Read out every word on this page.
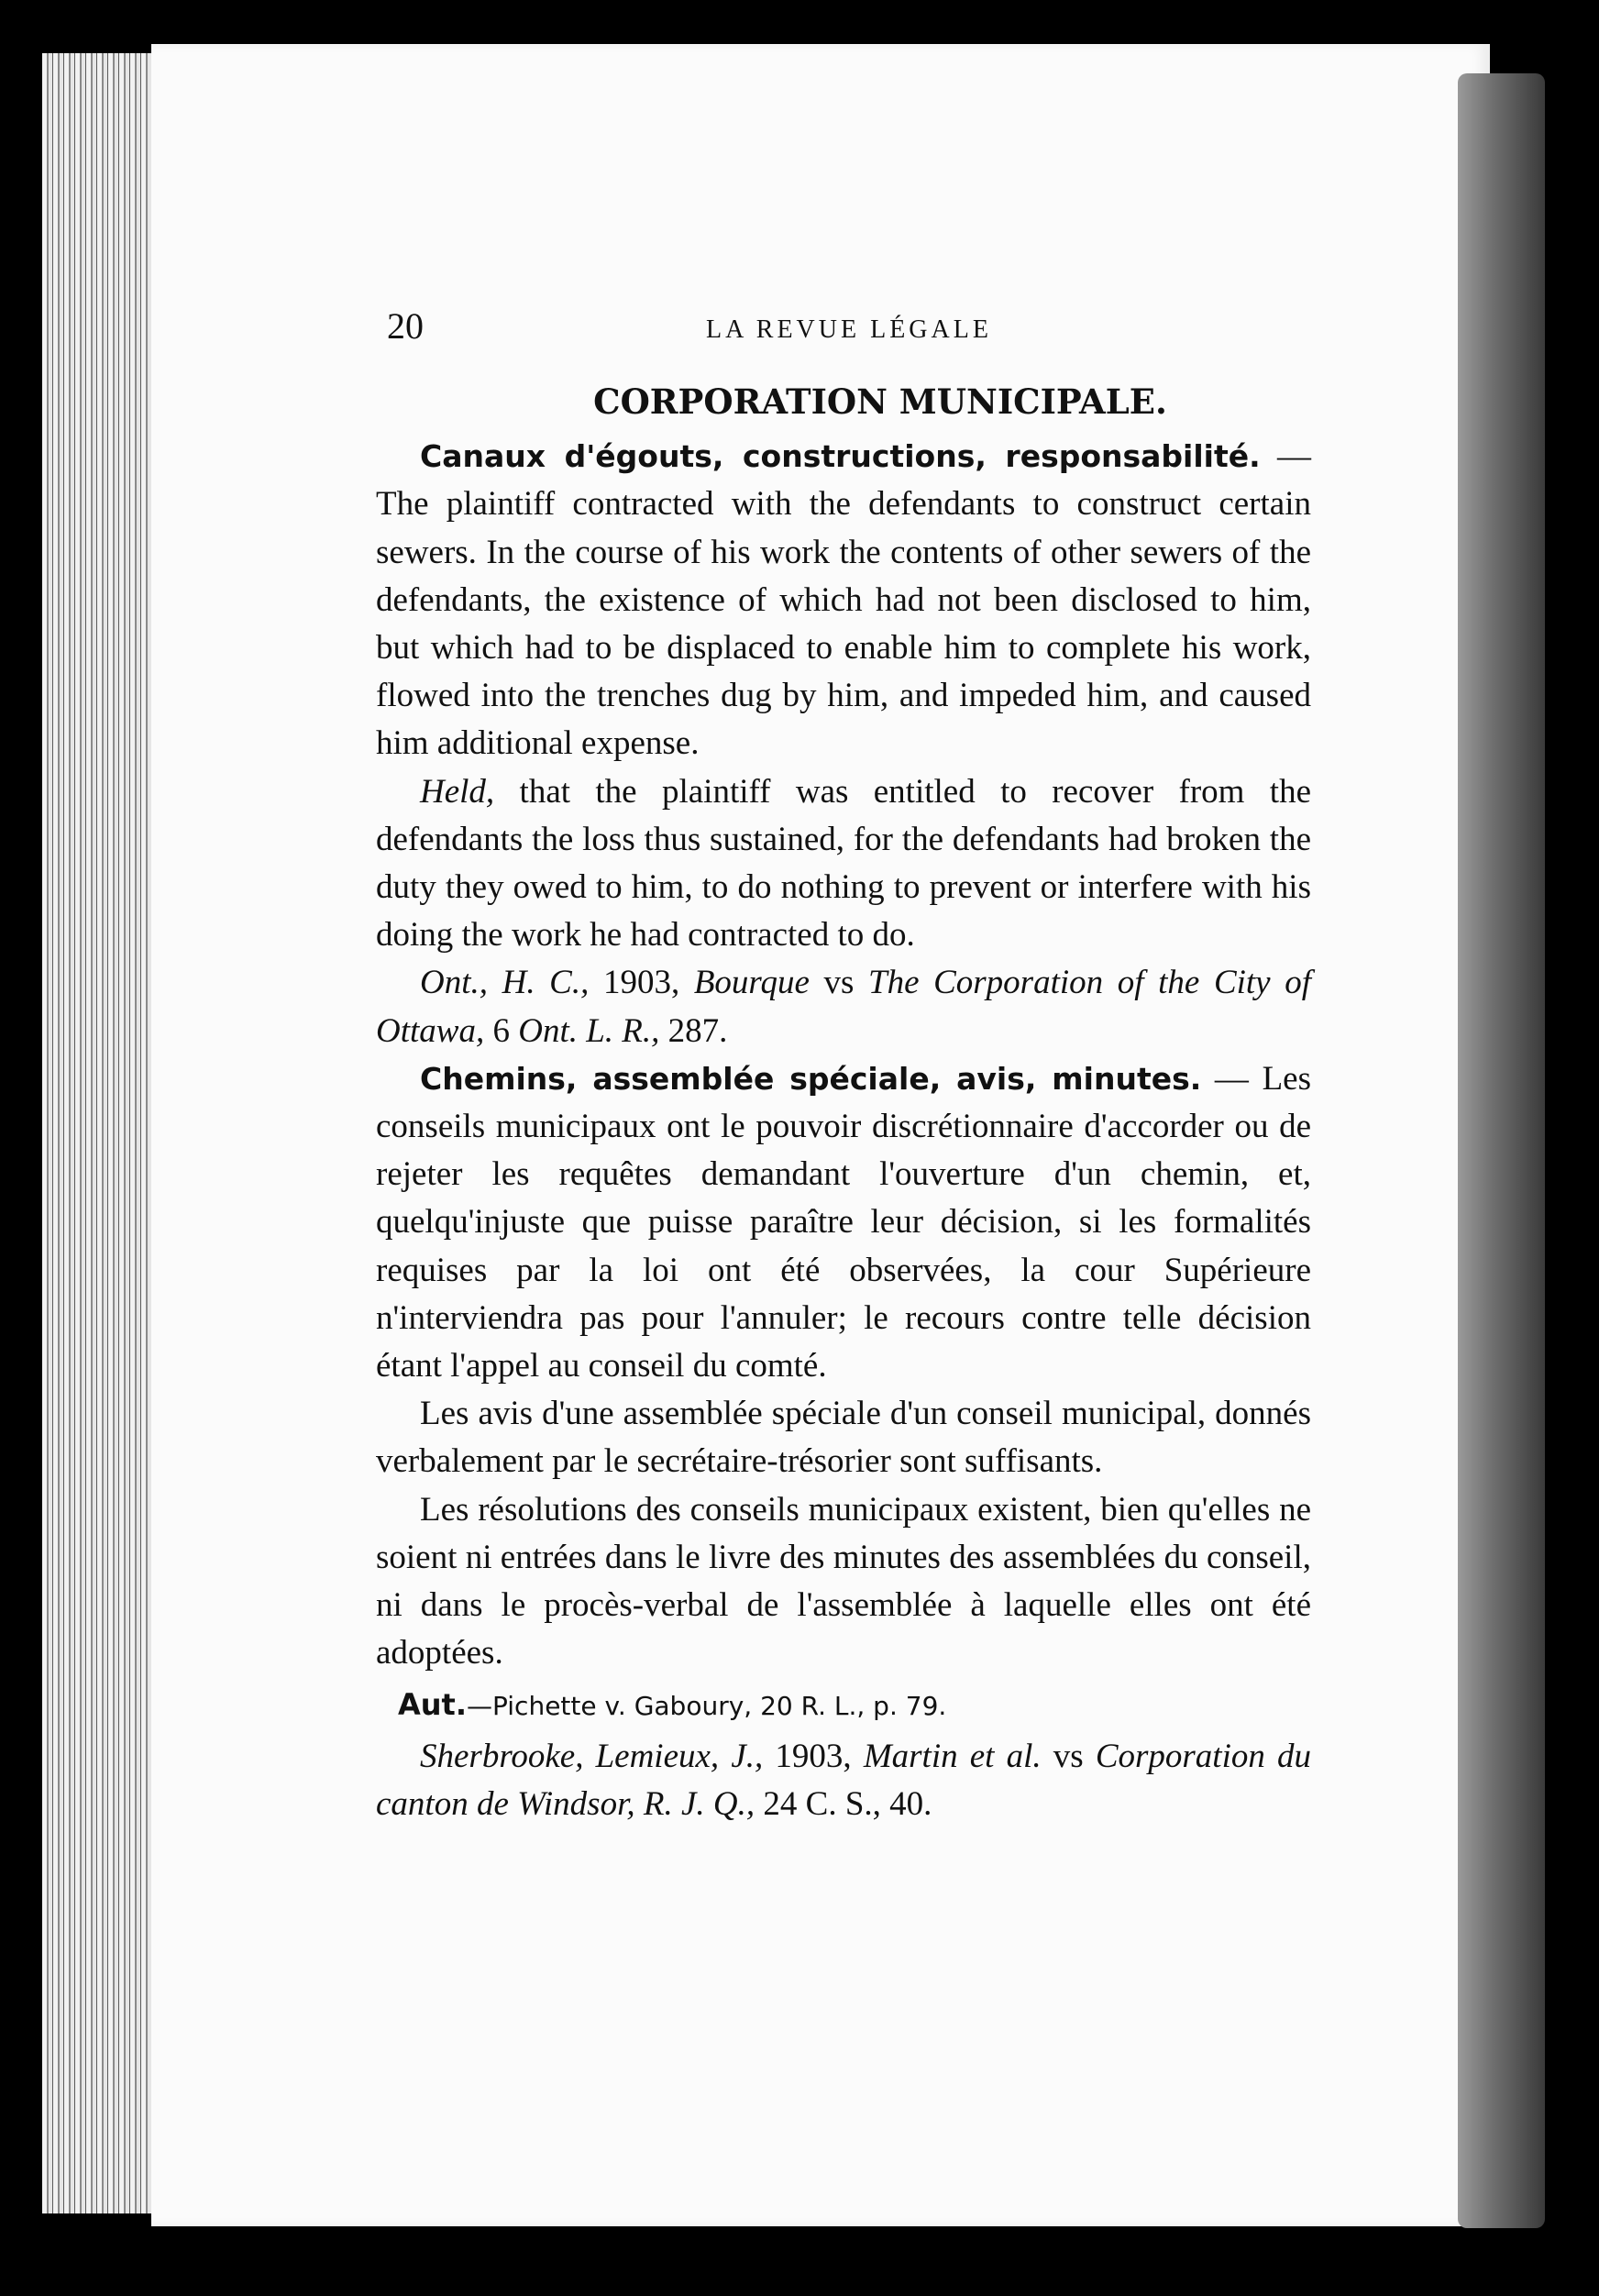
20	LA REVUE LÉGALE
CORPORATION MUNICIPALE.

Canaux d'égouts, constructions, responsabilité. — The plaintiff contracted with the defendants to construct certain sewers. In the course of his work the contents of other sewers of the defendants, the existence of which had not been disclosed to him, but which had to be displaced to enable him to complete his work, flowed into the trenches dug by him, and impeded him, and caused him additional expense.

Held, that the plaintiff was entitled to recover from the defendants the loss thus sustained, for the defendants had broken the duty they owed to him, to do nothing to prevent or interfere with his doing the work he had contracted to do.

Ont., H. C., 1903, Bourque vs The Corporation of the City of Ottawa, 6 Ont. L. R., 287.

Chemins, assemblée spéciale, avis, minutes. — Les conseils municipaux ont le pouvoir discrétionnaire d'accorder ou de rejeter les requêtes demandant l'ouverture d'un chemin, et, quelqu'injuste que puisse paraître leur décision, si les formalités requises par la loi ont été observées, la cour Supérieure n'interviendra pas pour l'annuler; le recours contre telle décision étant l'appel au conseil du comté.

Les avis d'une assemblée spéciale d'un conseil municipal, donnés verbalement par le secrétaire-trésorier sont suffisants.

Les résolutions des conseils municipaux existent, bien qu'elles ne soient ni entrées dans le livre des minutes des assemblées du conseil, ni dans le procès-verbal de l'assemblée à laquelle elles ont été adoptées.

Aut.—Pichette v. Gaboury, 20 R. L., p. 79.

Sherbrooke, Lemieux, J., 1903, Martin et al. vs Corporation du canton de Windsor, R. J. Q., 24 C. S., 40.
